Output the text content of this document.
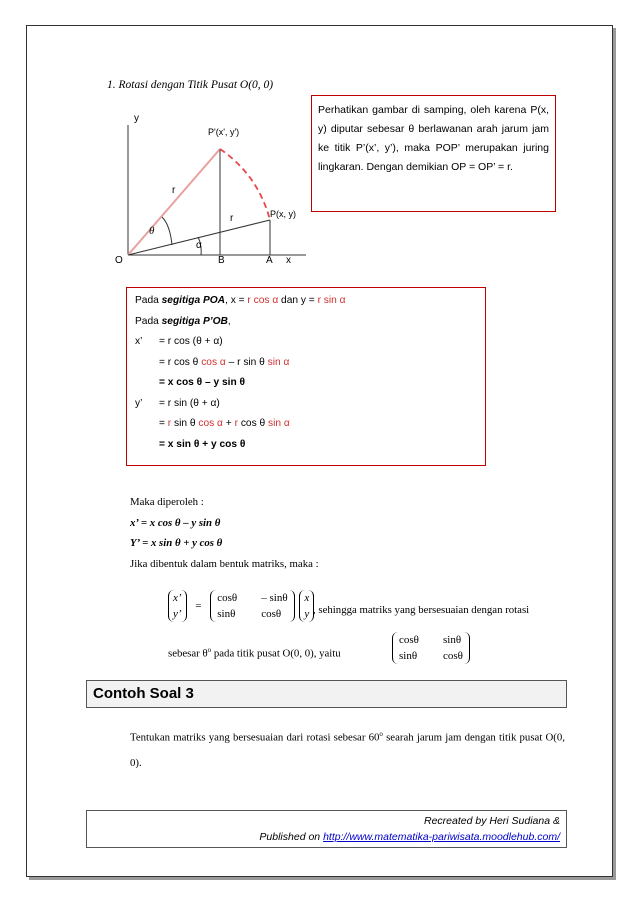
1. Rotasi dengan Titik Pusat O(0, 0)
y
O	B	A x
P(x, y)
P'(x', y')
r
r
θ
α
Perhatikan gambar di samping, oleh karena P(x, y) diputar sebesar θ berlawanan arah jarum jam ke titik P’(x’, y’), maka POP’ merupakan juring lingkaran. Dengan demikian OP = OP’ = r.
Pada segitiga POA, x = r cos α dan y = r sin α
Pada segitiga P’OB,
x’ = r cos (θ + α)
= r cos θ cos α – r sin θ sin α
= x cos θ – y sin θ
y’ = r sin (θ + α)
= r sin θ cos α + r cos θ sin α
= x sin θ + y cos θ
Maka diperoleh :
x’ = x cos θ – y sin θ
Y’ = x sin θ + y cos θ
Jika dibentuk dalam bentuk matriks, maka :
x’
y’
=
cosθ – sinθ
sinθ cosθ

x
y , sehingga matriks yang bersesuaian dengan rotasi
sebesar $\theta^o$ pada titik pusat O(0, 0), yaitu
cosθ sinθ
sinθ cosθ
Contoh Soal 3
Tentukan matriks yang bersesuaian dari rotasi sebesar 60$^o$ searah jarum jam dengan titik pusat O(0, 0).
Recreated by Heri Sudiana &
Published on http://www.matematika-pariwisata.moodlehub.com/
